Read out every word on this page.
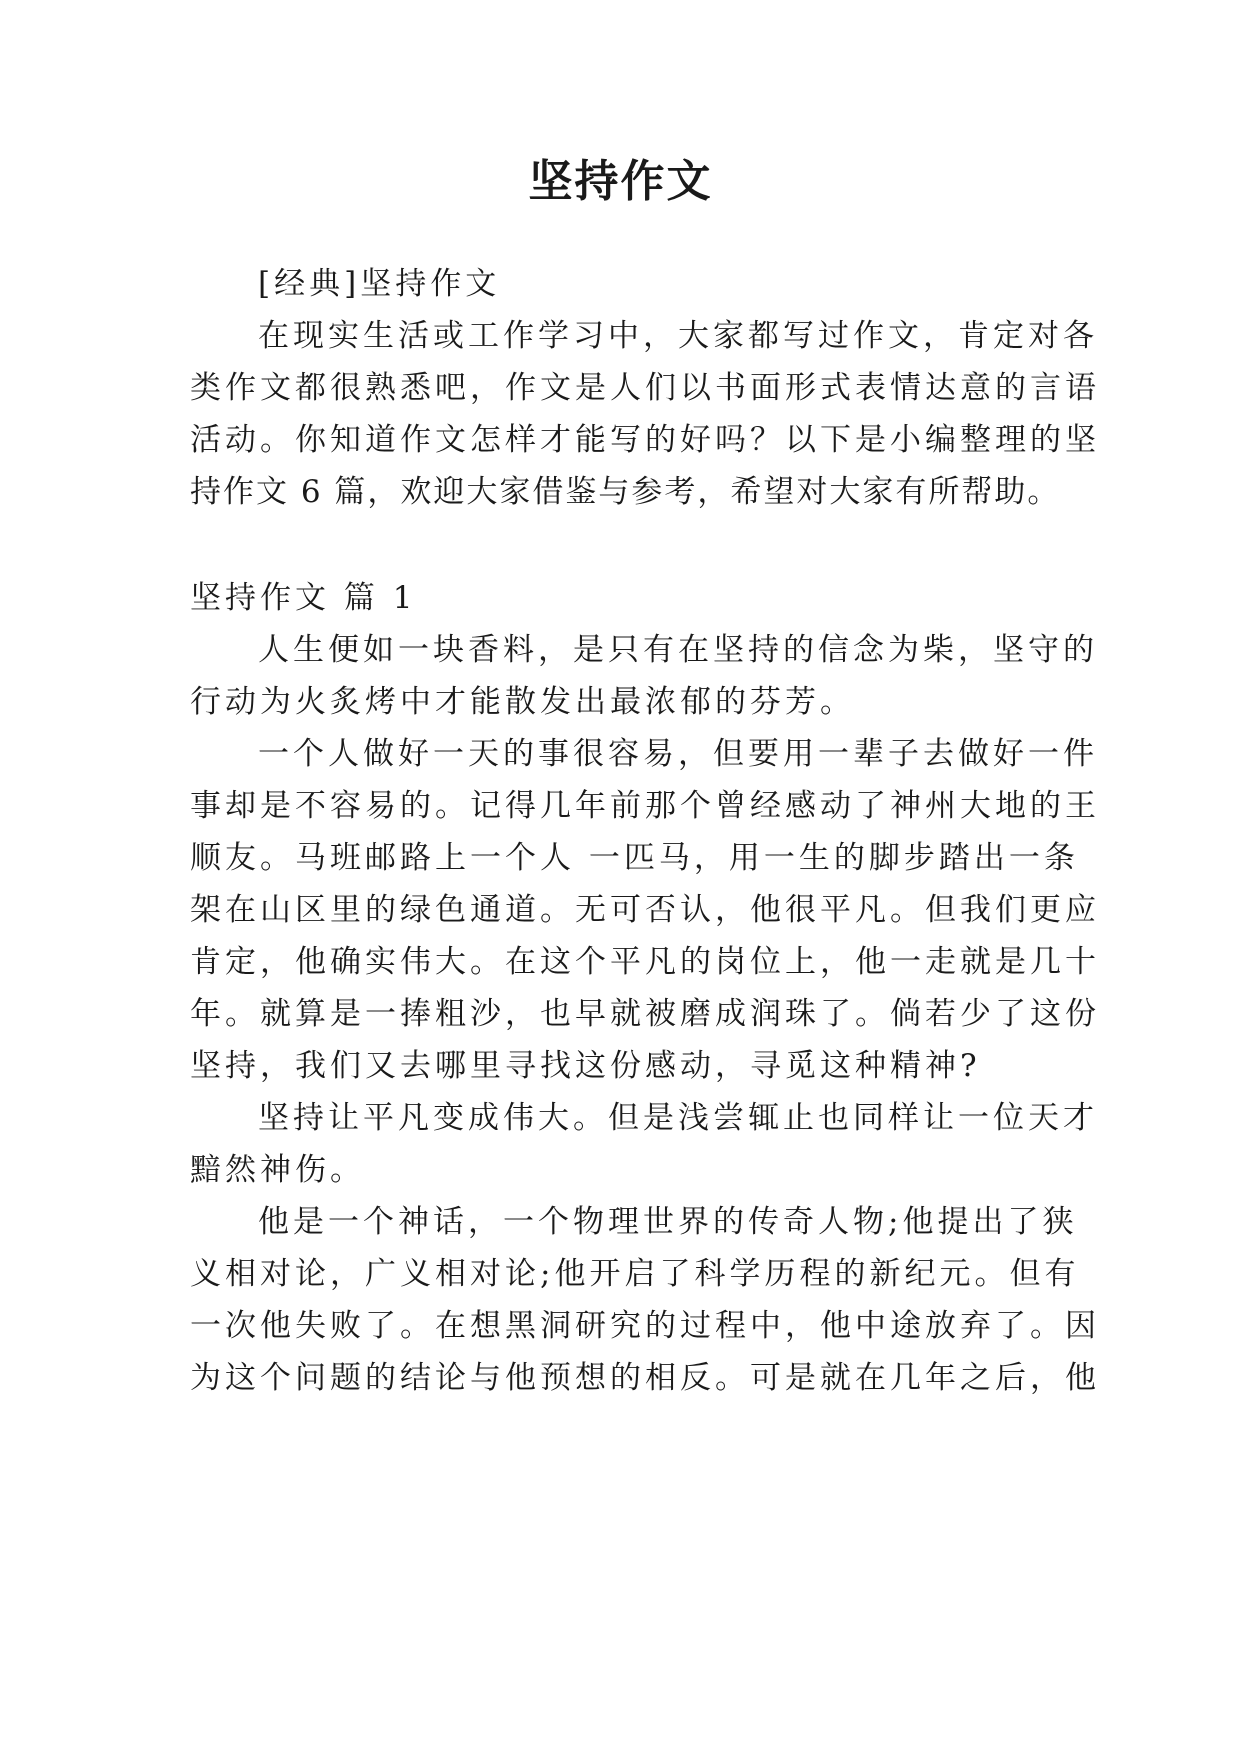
坚持作文
[经典]坚持作文
在现实生活或工作学习中，大家都写过作文，肯定对各
类作文都很熟悉吧，作文是人们以书面形式表情达意的言语
活动。你知道作文怎样才能写的好吗？以下是小编整理的坚
持作文 6 篇，欢迎大家借鉴与参考，希望对大家有所帮助。
坚持作文 篇 1
人生便如一块香料，是只有在坚持的信念为柴，坚守的
行动为火炙烤中才能散发出最浓郁的芬芳。
一个人做好一天的事很容易，但要用一辈子去做好一件
事却是不容易的。记得几年前那个曾经感动了神州大地的王
顺友。马班邮路上一个人 一匹马，用一生的脚步踏出一条
架在山区里的绿色通道。无可否认，他很平凡。但我们更应
肯定，他确实伟大。在这个平凡的岗位上，他一走就是几十
年。就算是一捧粗沙，也早就被磨成润珠了。倘若少了这份
坚持，我们又去哪里寻找这份感动，寻觅这种精神?
坚持让平凡变成伟大。但是浅尝辄止也同样让一位天才
黯然神伤。
他是一个神话，一个物理世界的传奇人物;他提出了狭
义相对论，广义相对论;他开启了科学历程的新纪元。但有
一次他失败了。在想黑洞研究的过程中，他中途放弃了。因
为这个问题的结论与他预想的相反。可是就在几年之后，他
